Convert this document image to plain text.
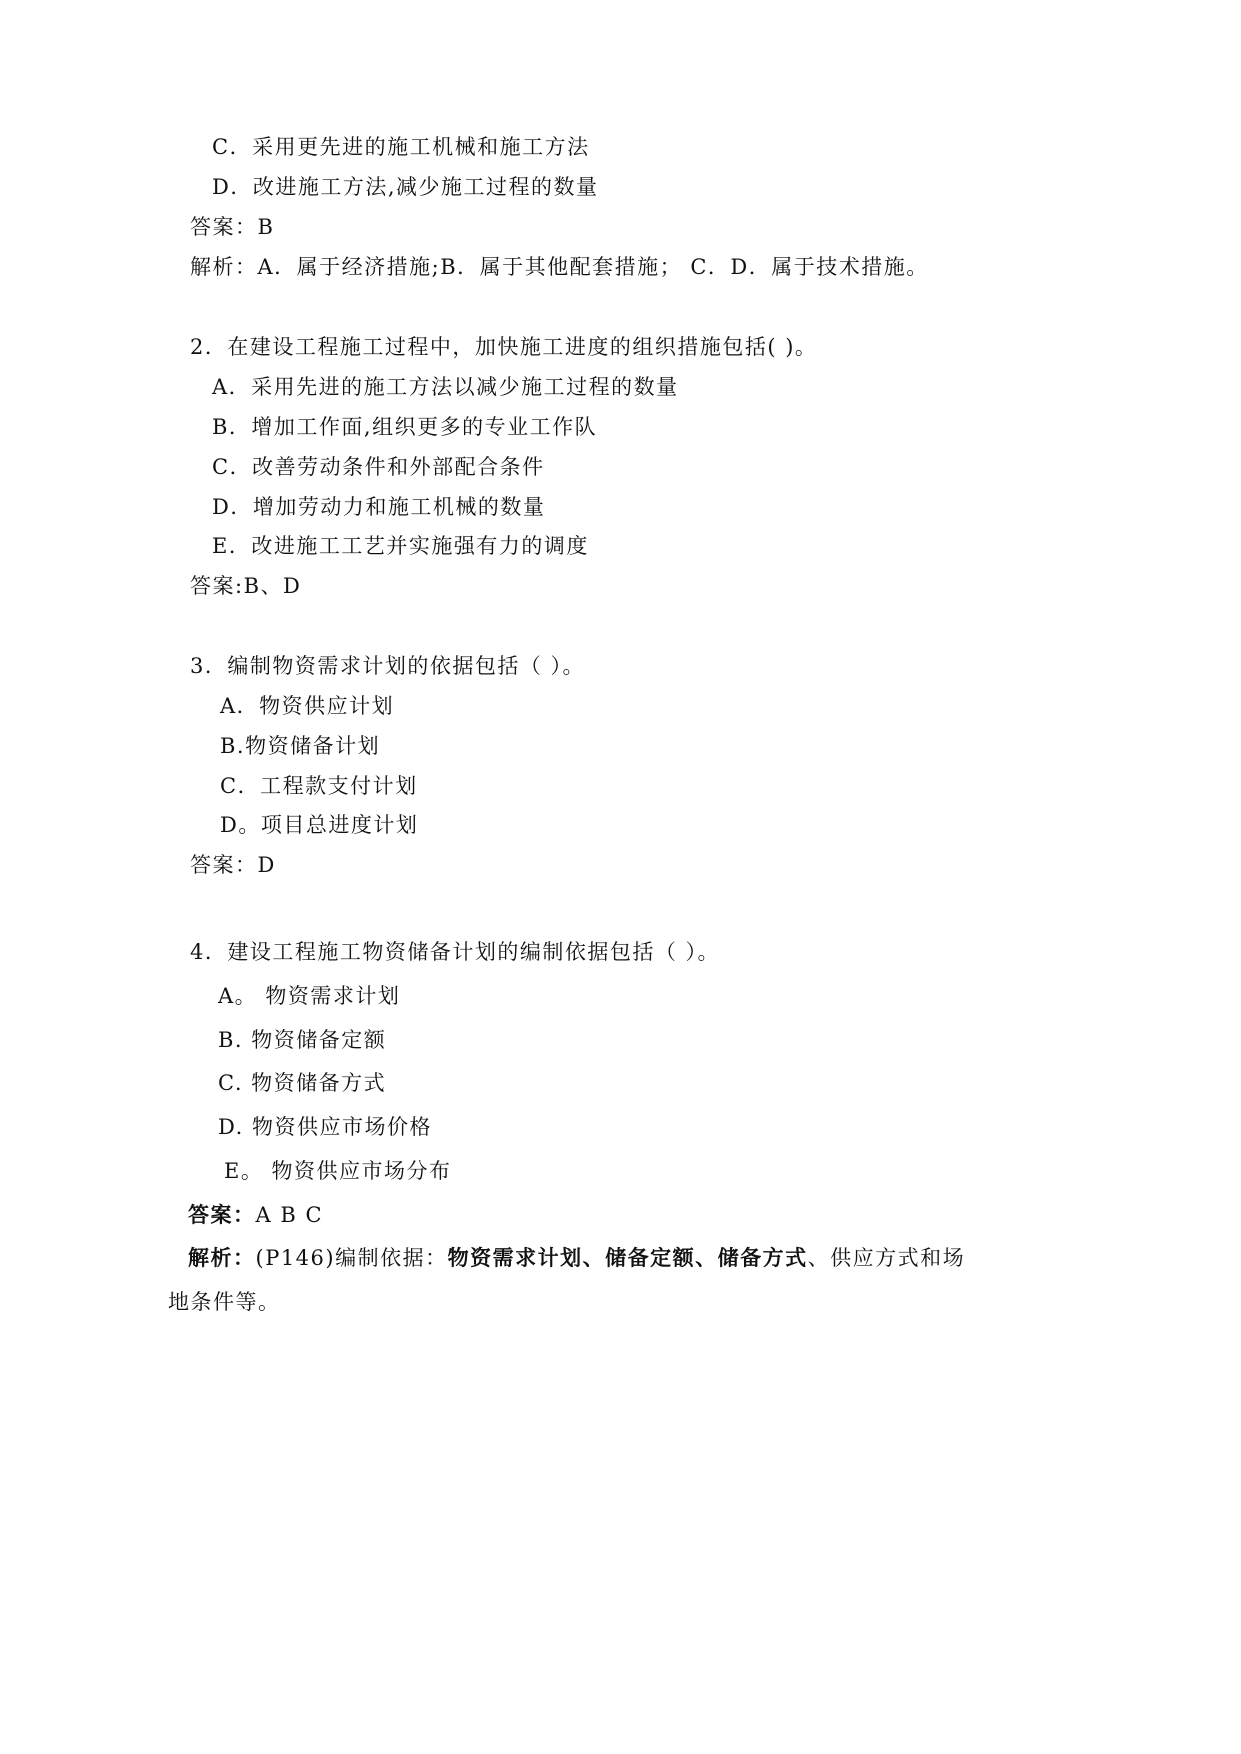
C．采用更先进的施工机械和施工方法
D．改进施工方法,减少施工过程的数量
答案：B
解析：A．属于经济措施;B．属于其他配套措施； C．D．属于技术措施。
2．在建设工程施工过程中，加快施工进度的组织措施包括( )。
A．采用先进的施工方法以减少施工过程的数量
B．增加工作面,组织更多的专业工作队
C．改善劳动条件和外部配合条件
D．增加劳动力和施工机械的数量
E．改进施工工艺并实施强有力的调度
答案:B、D
3．编制物资需求计划的依据包括（ ）。
A．物资供应计划
B.物资储备计划
C．工程款支付计划
D。项目总进度计划
答案：D
4．建设工程施工物资储备计划的编制依据包括（ ）。
A。 物资需求计划
B. 物资储备定额
C. 物资储备方式
D. 物资供应市场价格
E。 物资供应市场分布
答案：A B C
解析：(P146)编制依据：物资需求计划、储备定额、储备方式、供应方式和场
地条件等。
